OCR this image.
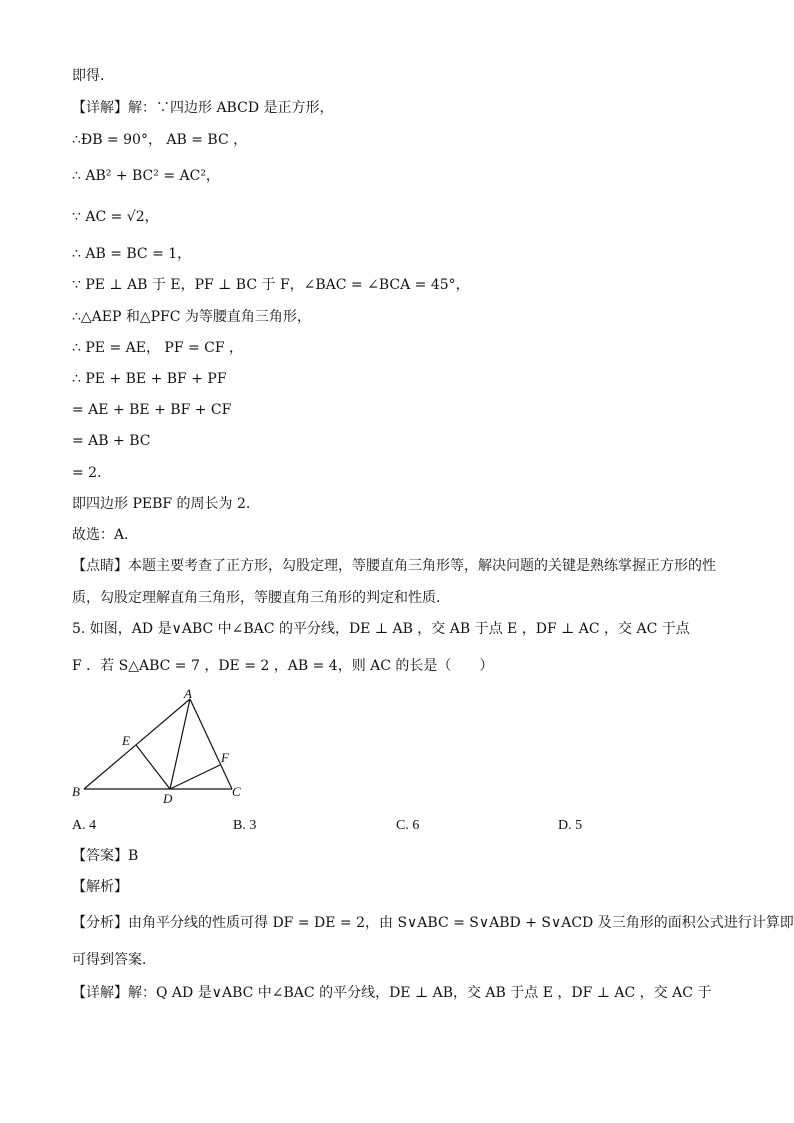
即得．
【详解】解：∵四边形 ABCD 是正方形，
∴ÐB = 90°， AB = BC ，
∴ AB² + BC² = AC²，
∵ AC = √2，
∴ AB = BC = 1，
∵ PE ⊥ AB 于 E，PF ⊥ BC 于 F，∠BAC = ∠BCA = 45°，
∴△AEP 和△PFC 为等腰直角三角形，
∴ PE = AE， PF = CF ，
∴ PE + BE + BF + PF
= AE + BE + BF + CF
= AB + BC
= 2．
即四边形 PEBF 的周长为 2.
故选：A．
【点睛】本题主要考查了正方形，勾股定理，等腰直角三角形等，解决问题的关键是熟练掌握正方形的性
质，勾股定理解直角三角形，等腰直角三角形的判定和性质．
5. 如图，AD 是∨ABC 中∠BAC 的平分线，DE ⊥ AB ，交 AB 于点 E ，DF ⊥ AC ，交 AC 于点
F ．若 S△ABC = 7 ，DE = 2 ，AB = 4，则 AC 的长是（　　）
A
B	C
D
E
F
A. 4	B. 3	C. 6	D. 5
【答案】B
【解析】
【分析】由角平分线的性质可得 DF = DE = 2，由 S∨ABC = S∨ABD + S∨ACD 及三角形的面积公式进行计算即
可得到答案．
【详解】解：Q AD 是∨ABC 中∠BAC 的平分线，DE ⊥ AB，交 AB 于点 E ，DF ⊥ AC ，交 AC 于
